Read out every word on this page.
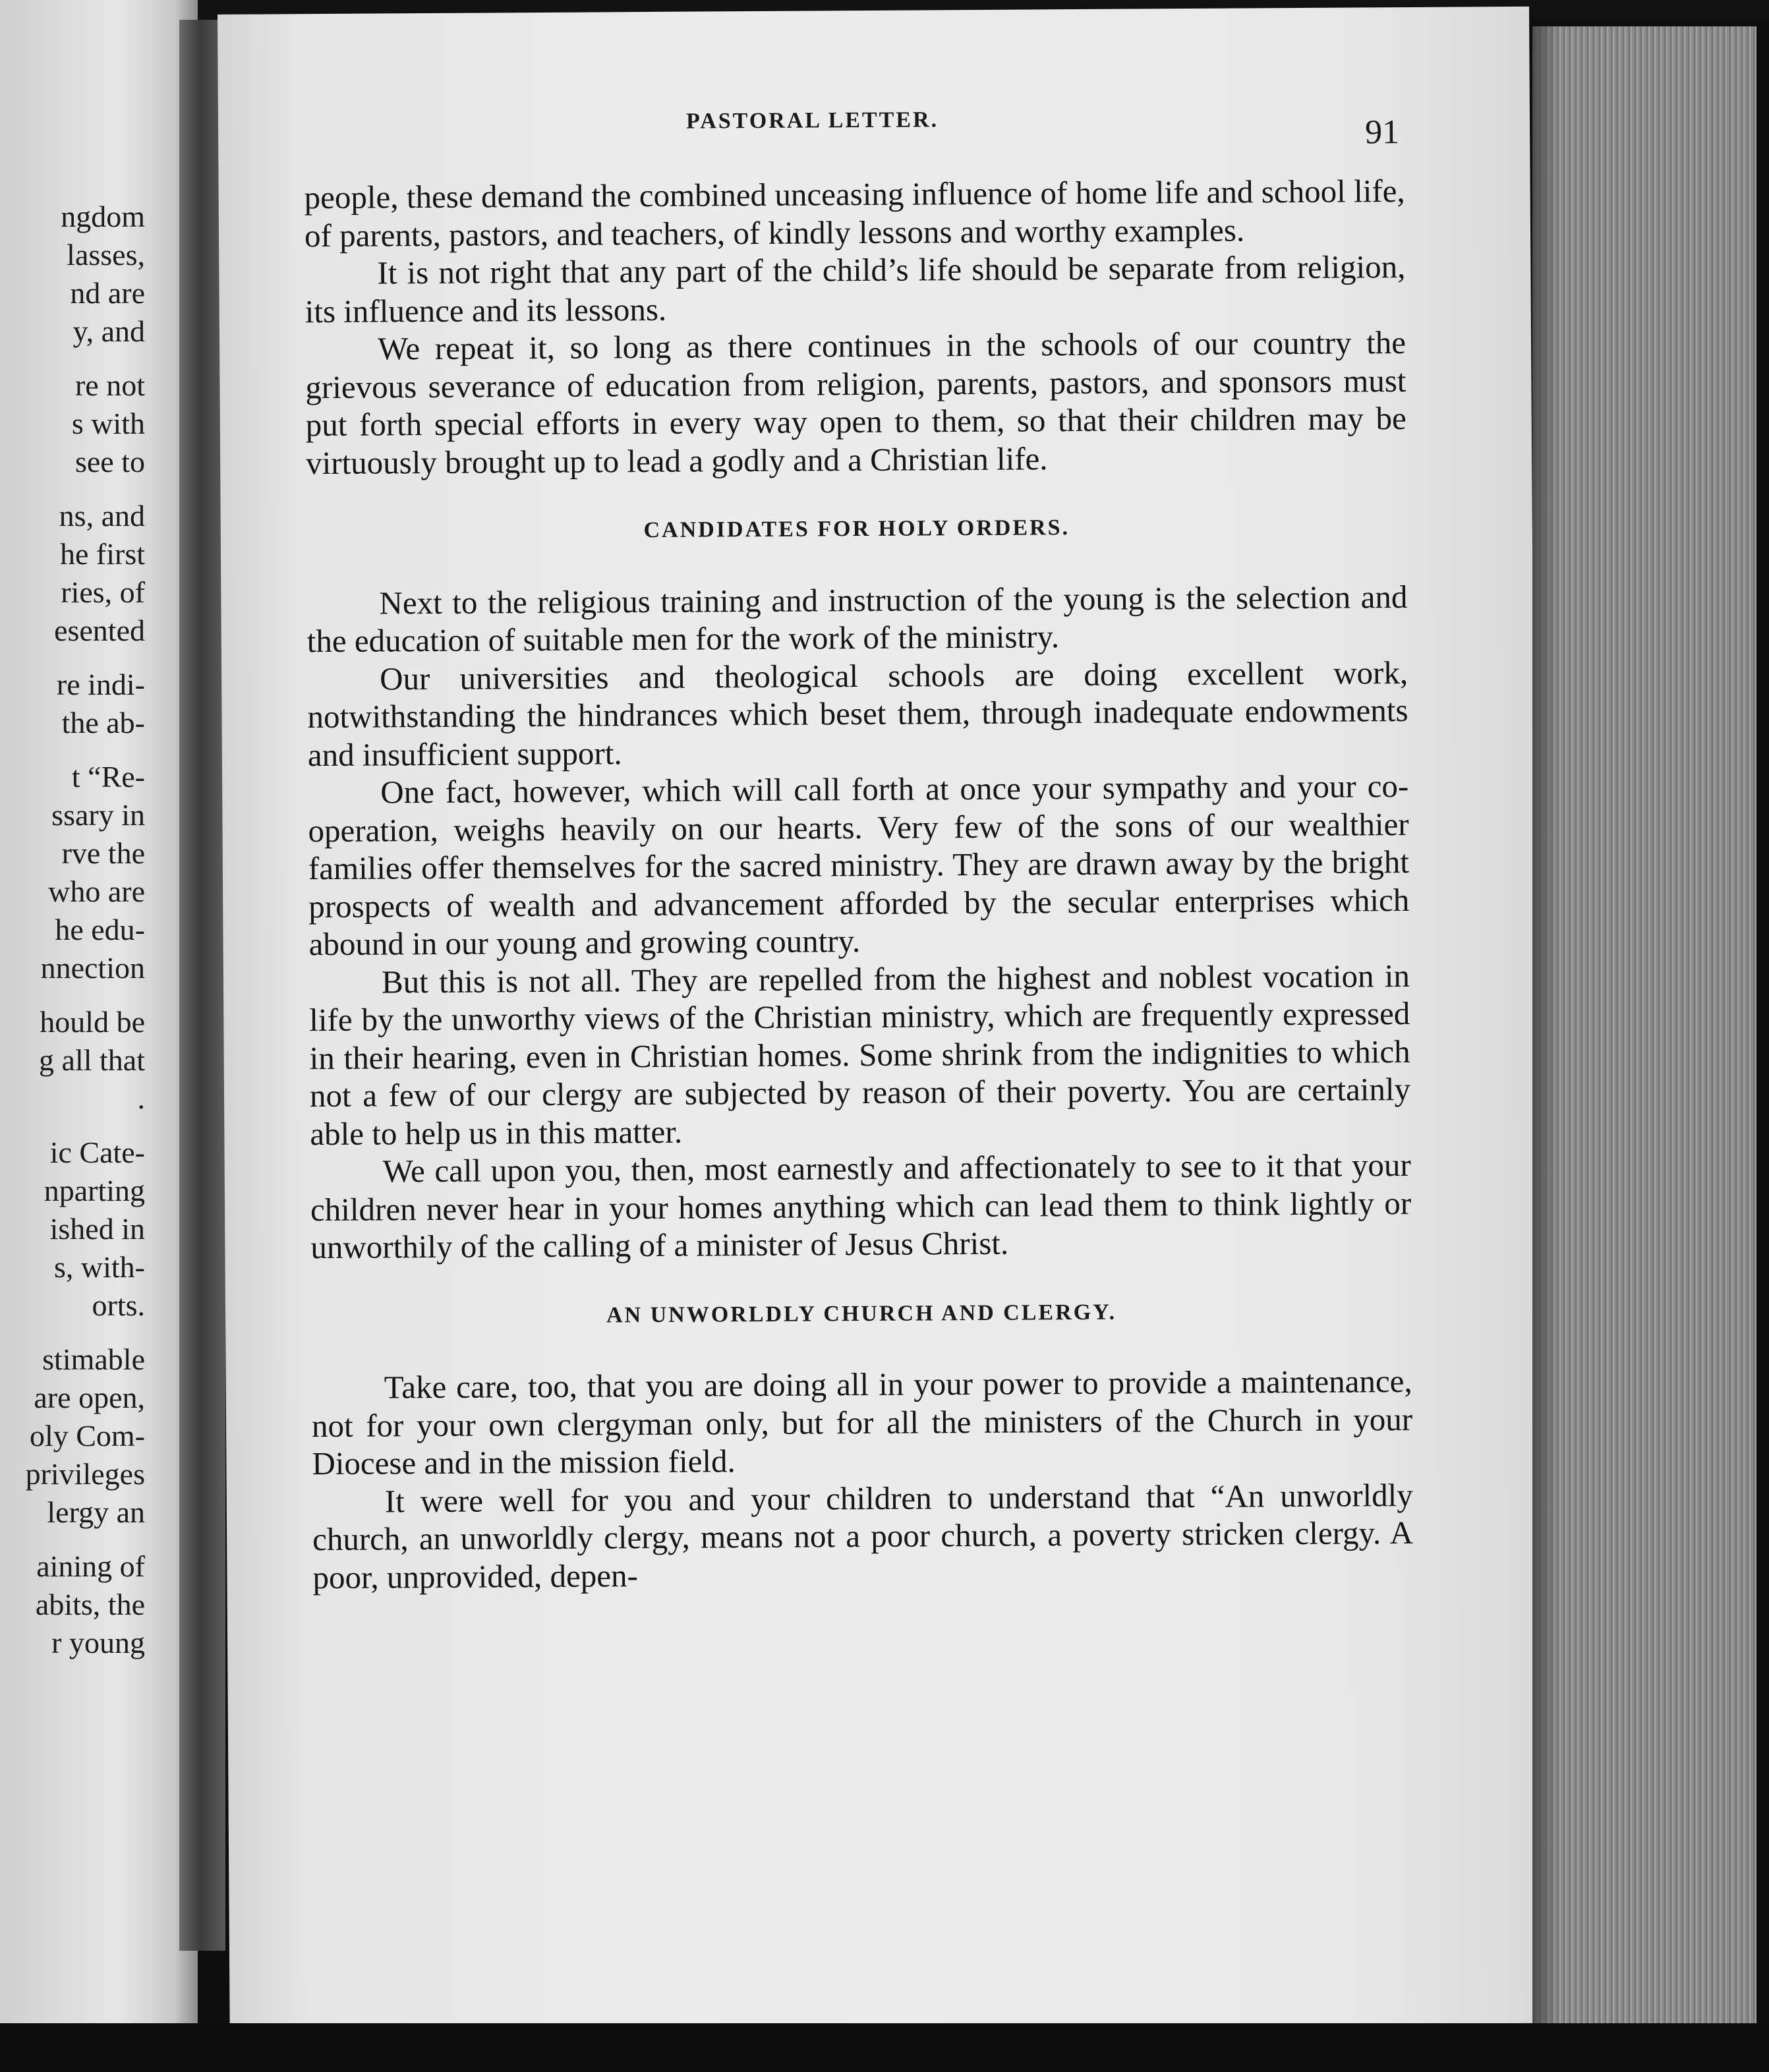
ngdom
lasses,
nd are
y, and
re not
s with
see to
ns, and
he first
ries, of
esented
re indi-
the ab-
t “Re-
ssary in
rve the
who are
he edu-
nnection
hould be
g all that
.
ic Cate-
nparting
ished in
s, with-
orts.
stimable
are open,
oly Com-
privileges
lergy an
aining of
abits, the
r young
PASTORAL LETTER.	91

people, these demand the combined unceasing influence of home life and school life, of parents, pastors, and teachers, of kindly lessons and worthy examples.

It is not right that any part of the child’s life should be separate from religion, its influence and its lessons.

We repeat it, so long as there continues in the schools of our country the grievous severance of education from religion, parents, pastors, and sponsors must put forth special efforts in every way open to them, so that their children may be virtuously brought up to lead a godly and a Christian life.

CANDIDATES FOR HOLY ORDERS.

Next to the religious training and instruction of the young is the selection and the education of suitable men for the work of the ministry.

Our universities and theological schools are doing excellent work, notwithstanding the hindrances which beset them, through inadequate endowments and insufficient support.

One fact, however, which will call forth at once your sympathy and your co-operation, weighs heavily on our hearts. Very few of the sons of our wealthier families offer themselves for the sacred ministry. They are drawn away by the bright prospects of wealth and advancement afforded by the secular enterprises which abound in our young and growing country.

But this is not all. They are repelled from the highest and noblest vocation in life by the unworthy views of the Christian ministry, which are frequently expressed in their hearing, even in Christian homes. Some shrink from the indignities to which not a few of our clergy are subjected by reason of their poverty. You are certainly able to help us in this matter.

We call upon you, then, most earnestly and affectionately to see to it that your children never hear in your homes anything which can lead them to think lightly or unworthily of the calling of a minister of Jesus Christ.

AN UNWORLDLY CHURCH AND CLERGY.

Take care, too, that you are doing all in your power to provide a maintenance, not for your own clergyman only, but for all the ministers of the Church in your Diocese and in the mission field.

It were well for you and your children to understand that “An unworldly church, an unworldly clergy, means not a poor church, a poverty stricken clergy. A poor, unprovided, depen-
